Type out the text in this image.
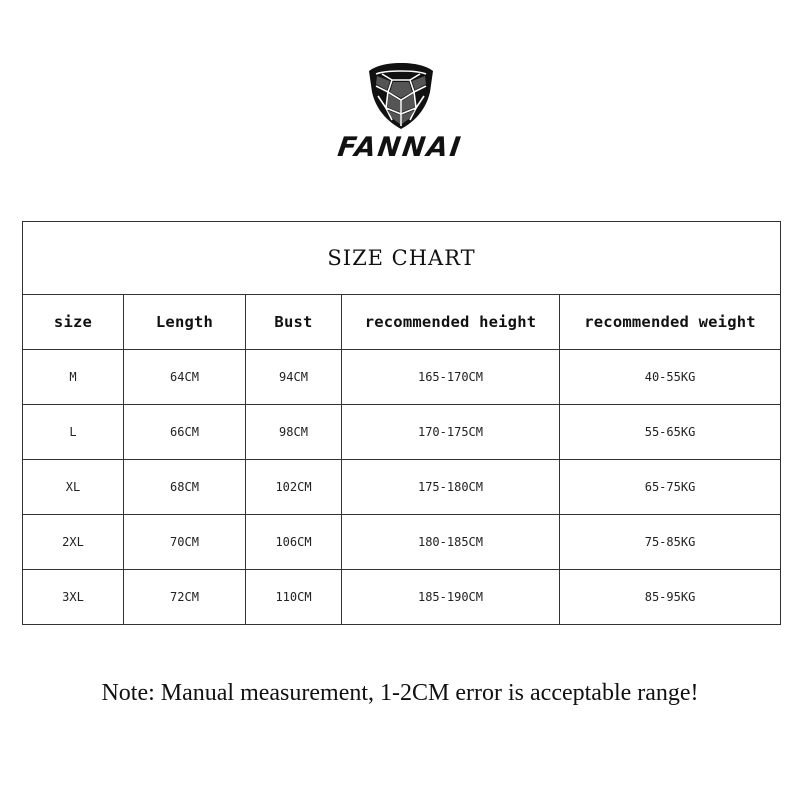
FANNAI
SIZE CHART				
size	Length	Bust	recommended height	recommended weight
M	64CM	94CM	165-170CM	40-55KG
L	66CM	98CM	170-175CM	55-65KG
XL	68CM	102CM	175-180CM	65-75KG
2XL	70CM	106CM	180-185CM	75-85KG
3XL	72CM	110CM	185-190CM	85-95KG
Note: Manual measurement, 1-2CM error is acceptable range!
